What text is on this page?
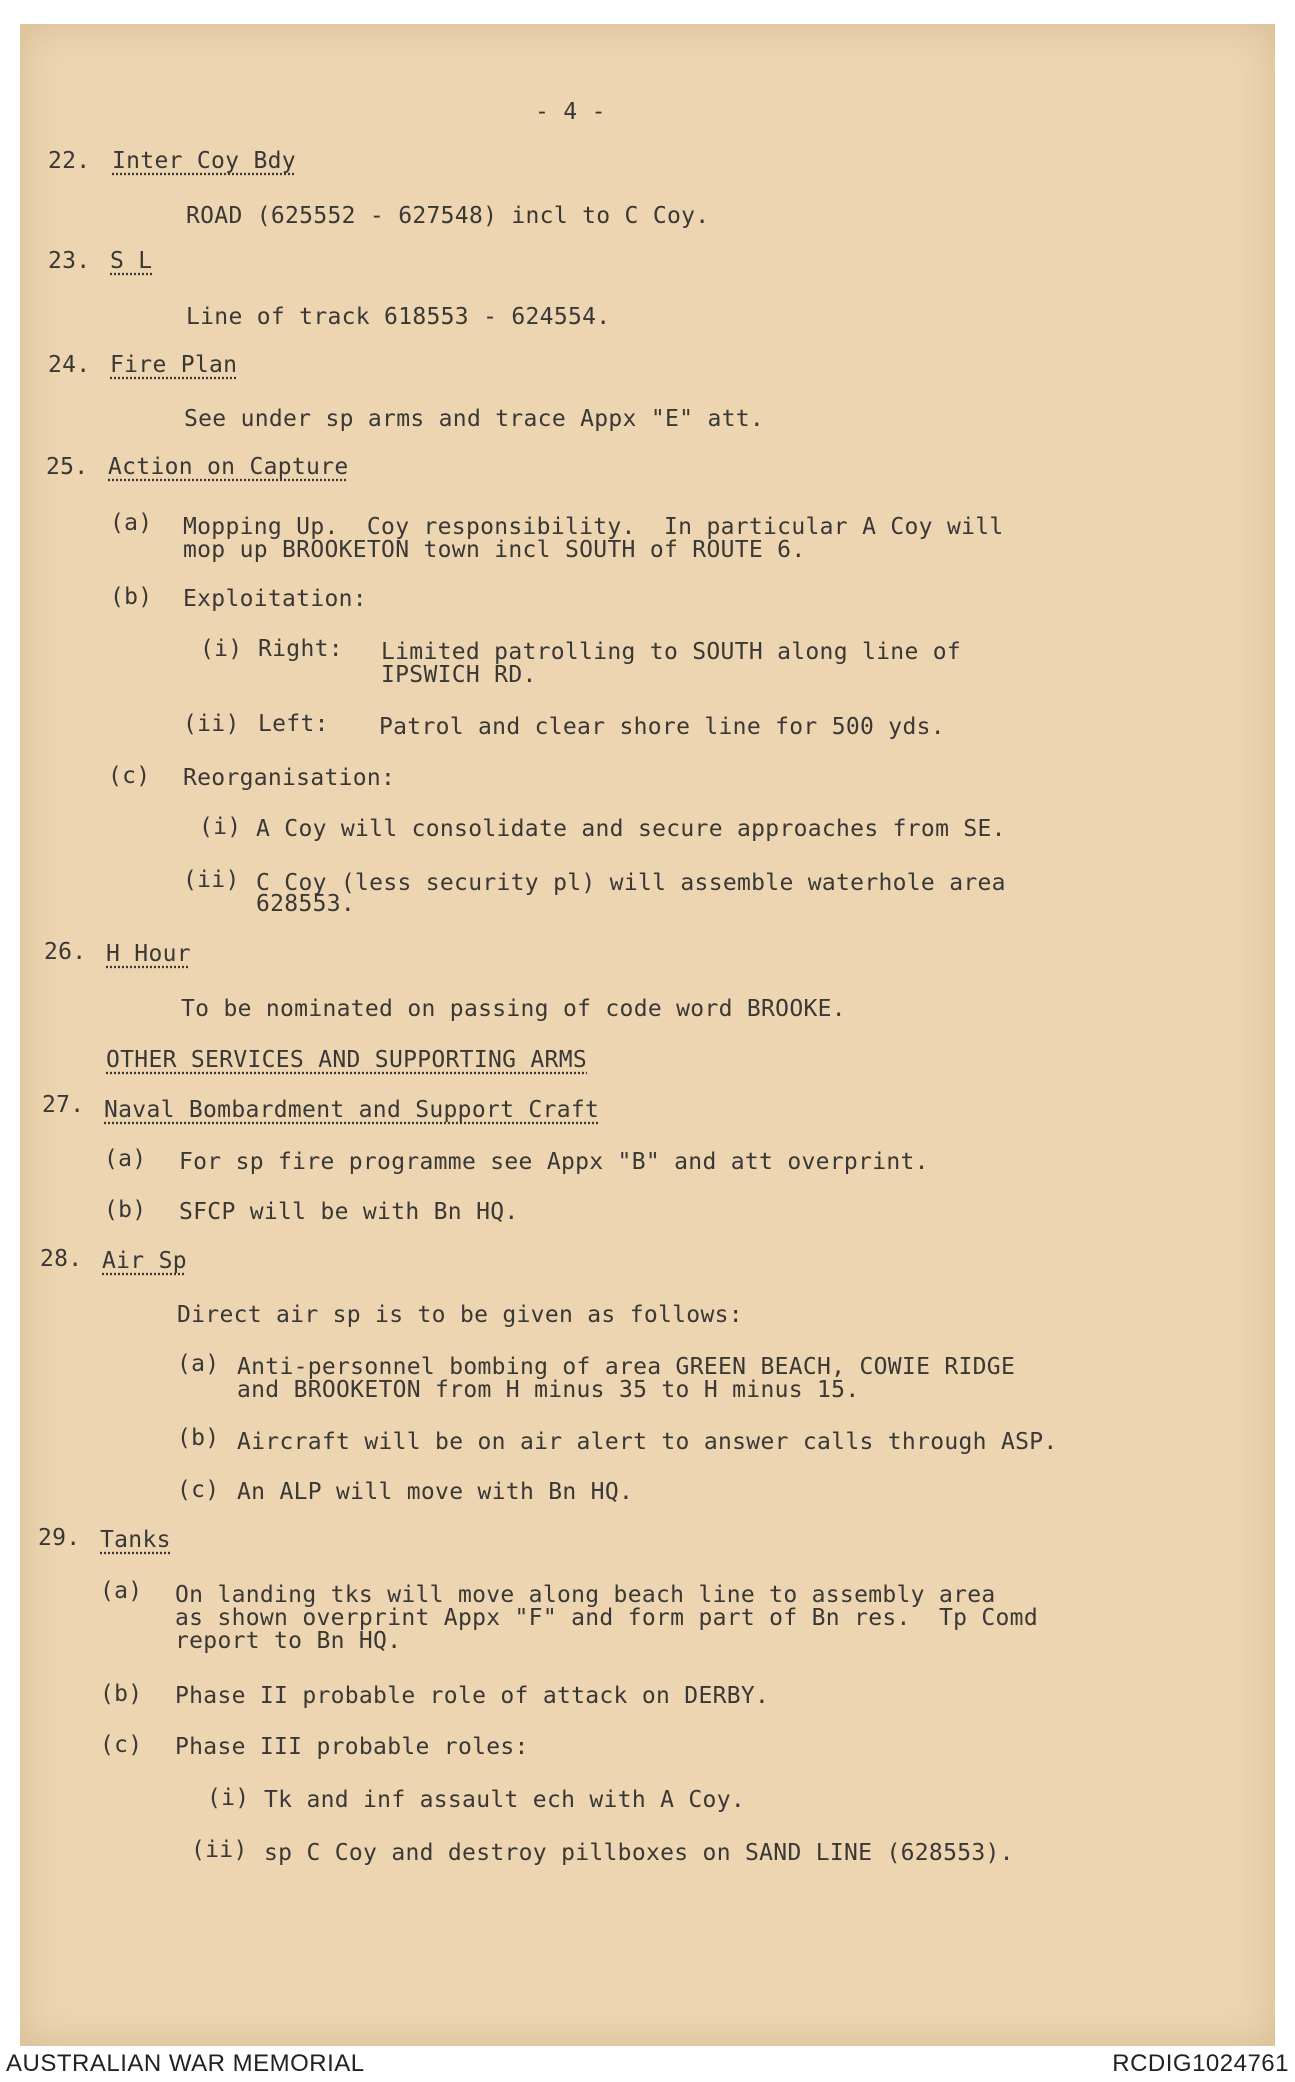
- 4 -
22. Inter Coy Bdy
ROAD (625552 - 627548) incl to C Coy.
23. S L
Line of track 618553 - 624554.
24. Fire Plan
See under sp arms and trace Appx "E" att.
25. Action on Capture
(a) Mopping Up.  Coy responsibility.  In particular A Coy will
mop up BROOKETON town incl SOUTH of ROUTE 6.
(b) Exploitation:
(i) Right: Limited patrolling to SOUTH along line of
IPSWICH RD.
(ii) Left: Patrol and clear shore line for 500 yds.
(c) Reorganisation:
(i) A Coy will consolidate and secure approaches from SE.
(ii) C Coy (less security pl) will assemble waterhole area
628553.
26. H Hour
To be nominated on passing of code word BROOKE.
OTHER SERVICES AND SUPPORTING ARMS
27. Naval Bombardment and Support Craft
(a) For sp fire programme see Appx "B" and att overprint.
(b) SFCP will be with Bn HQ.
28. Air Sp
Direct air sp is to be given as follows:
(a) Anti-personnel bombing of area GREEN BEACH, COWIE RIDGE
and BROOKETON from H minus 35 to H minus 15.
(b) Aircraft will be on air alert to answer calls through ASP.
(c) An ALP will move with Bn HQ.
29. Tanks
(a) On landing tks will move along beach line to assembly area
as shown overprint Appx "F" and form part of Bn res.  Tp Comd
report to Bn HQ.
(b) Phase II probable role of attack on DERBY.
(c) Phase III probable roles:
(i) Tk and inf assault ech with A Coy.
(ii) sp C Coy and destroy pillboxes on SAND LINE (628553).
AUSTRALIAN WAR MEMORIAL	RCDIG1024761
